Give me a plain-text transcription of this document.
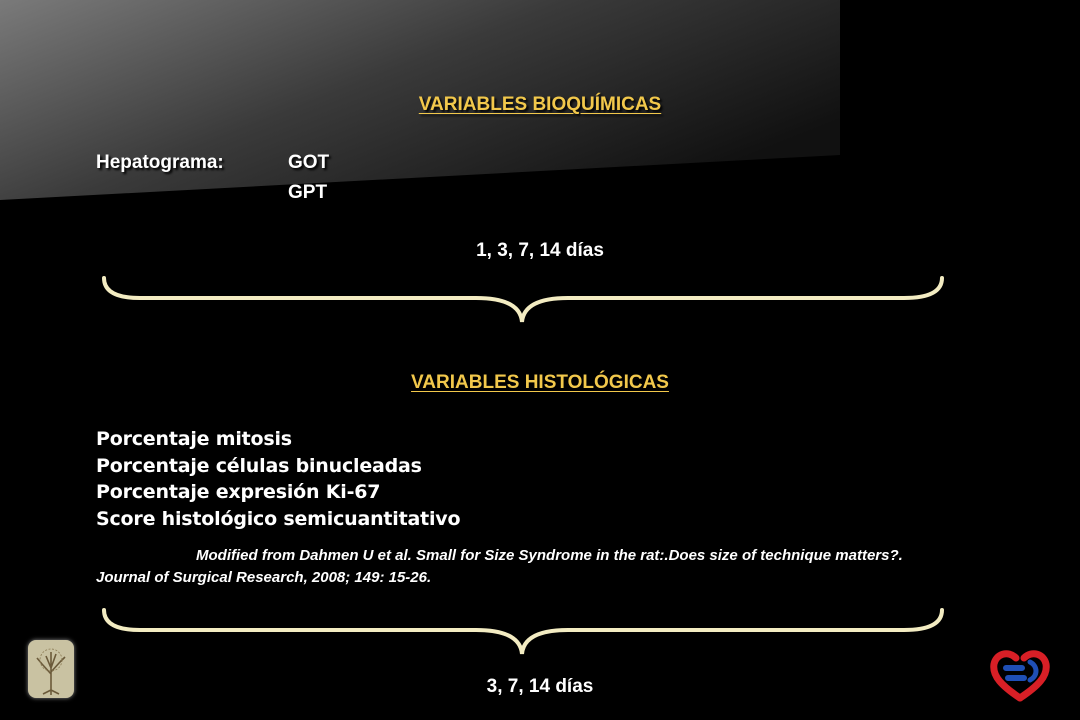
VARIABLES BIOQUÍMICAS
Hepatograma:	GOT
GPT
1, 3, 7, 14 días
VARIABLES HISTOLÓGICAS
Porcentaje mitosis
Porcentaje células binucleadas
Porcentaje expresión Ki-67
Score histológico semicuantitativo

Modified from Dahmen U et al. Small for Size Syndrome in the rat:.Does size of technique matters?. Journal of Surgical Research, 2008; 149: 15-26.

3, 7, 14 días
